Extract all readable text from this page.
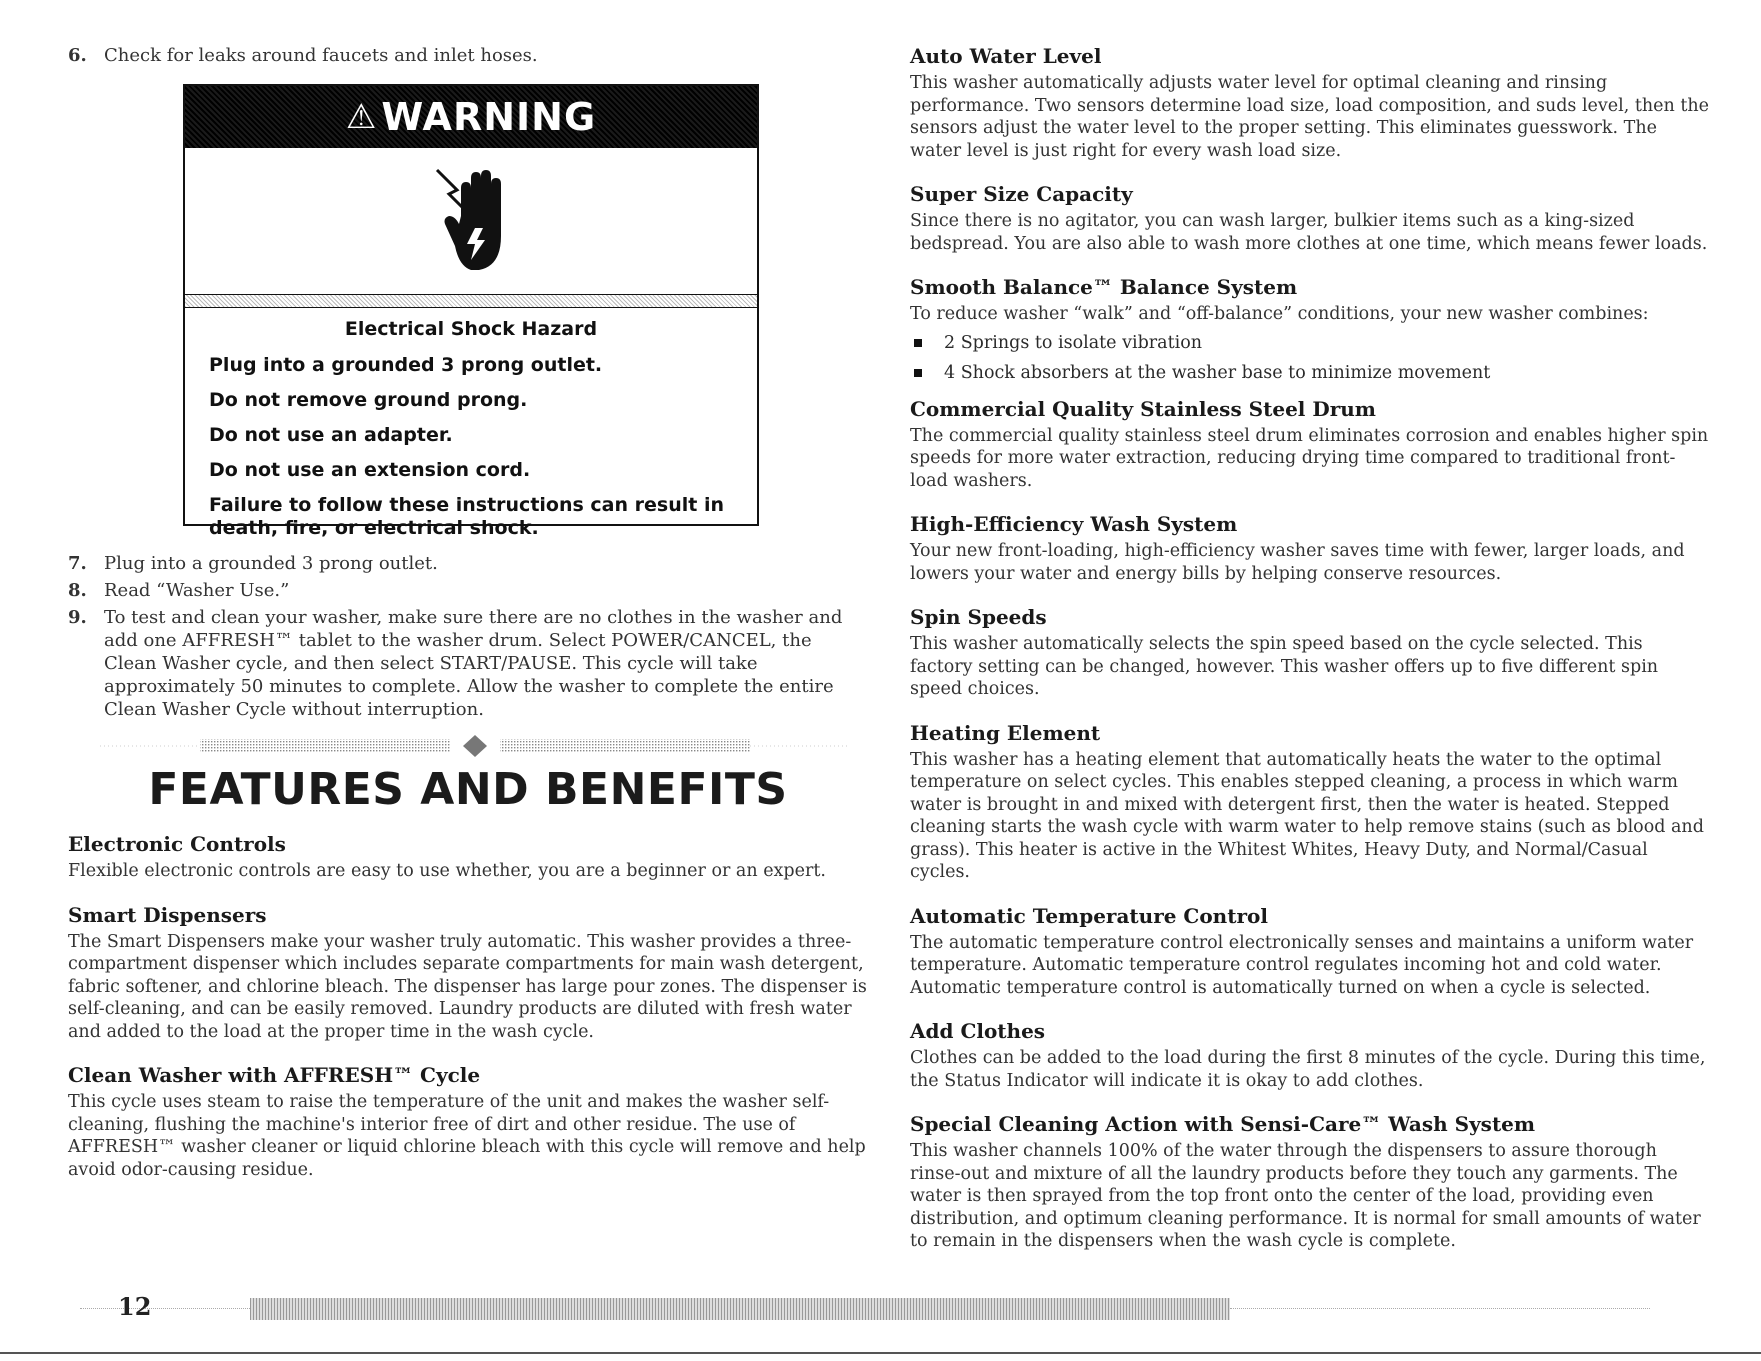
6. Check for leaks around faucets and inlet hoses.
⚠ WARNING
Electrical Shock Hazard
Plug into a grounded 3 prong outlet.
Do not remove ground prong.
Do not use an adapter.
Do not use an extension cord.
Failure to follow these instructions can result in death, fire, or electrical shock.
7. Plug into a grounded 3 prong outlet.
8. Read “Washer Use.”
9. To test and clean your washer, make sure there are no clothes in the washer and add one AFFRESH™ tablet to the washer drum. Select POWER/CANCEL, the Clean Washer cycle, and then select START/PAUSE. This cycle will take approximately 50 minutes to complete. Allow the washer to complete the entire Clean Washer Cycle without interruption.
FEATURES AND BENEFITS
Electronic Controls

Flexible electronic controls are easy to use whether, you are a beginner or an expert.

Smart Dispensers

The Smart Dispensers make your washer truly automatic. This washer provides a three-compartment dispenser which includes separate compartments for main wash detergent, fabric softener, and chlorine bleach. The dispenser has large pour zones. The dispenser is self-cleaning, and can be easily removed. Laundry products are diluted with fresh water and added to the load at the proper time in the wash cycle.

Clean Washer with AFFRESH™ Cycle

This cycle uses steam to raise the temperature of the unit and makes the washer self-cleaning, flushing the machine's interior free of dirt and other residue. The use of AFFRESH™ washer cleaner or liquid chlorine bleach with this cycle will remove and help avoid odor-causing residue.

Auto Water Level

This washer automatically adjusts water level for optimal cleaning and rinsing performance. Two sensors determine load size, load composition, and suds level, then the sensors adjust the water level to the proper setting. This eliminates guesswork. The water level is just right for every wash load size.

Super Size Capacity

Since there is no agitator, you can wash larger, bulkier items such as a king-sized bedspread. You are also able to wash more clothes at one time, which means fewer loads.

Smooth Balance™ Balance System

To reduce washer “walk” and “off-balance” conditions, your new washer combines:

2 Springs to isolate vibration
4 Shock absorbers at the washer base to minimize movement
Commercial Quality Stainless Steel Drum

The commercial quality stainless steel drum eliminates corrosion and enables higher spin speeds for more water extraction, reducing drying time compared to traditional front-load washers.

High-Efficiency Wash System

Your new front-loading, high-efficiency washer saves time with fewer, larger loads, and lowers your water and energy bills by helping conserve resources.

Spin Speeds

This washer automatically selects the spin speed based on the cycle selected. This factory setting can be changed, however. This washer offers up to five different spin speed choices.

Heating Element

This washer has a heating element that automatically heats the water to the optimal temperature on select cycles. This enables stepped cleaning, a process in which warm water is brought in and mixed with detergent first, then the water is heated. Stepped cleaning starts the wash cycle with warm water to help remove stains (such as blood and grass). This heater is active in the Whitest Whites, Heavy Duty, and Normal/Casual cycles.

Automatic Temperature Control

The automatic temperature control electronically senses and maintains a uniform water temperature. Automatic temperature control regulates incoming hot and cold water. Automatic temperature control is automatically turned on when a cycle is selected.

Add Clothes

Clothes can be added to the load during the first 8 minutes of the cycle. During this time, the Status Indicator will indicate it is okay to add clothes.

Special Cleaning Action with Sensi-Care™ Wash System

This washer channels 100% of the water through the dispensers to assure thorough rinse-out and mixture of all the laundry products before they touch any garments. The water is then sprayed from the top front onto the center of the load, providing even distribution, and optimum cleaning performance. It is normal for small amounts of water to remain in the dispensers when the wash cycle is complete.

12
